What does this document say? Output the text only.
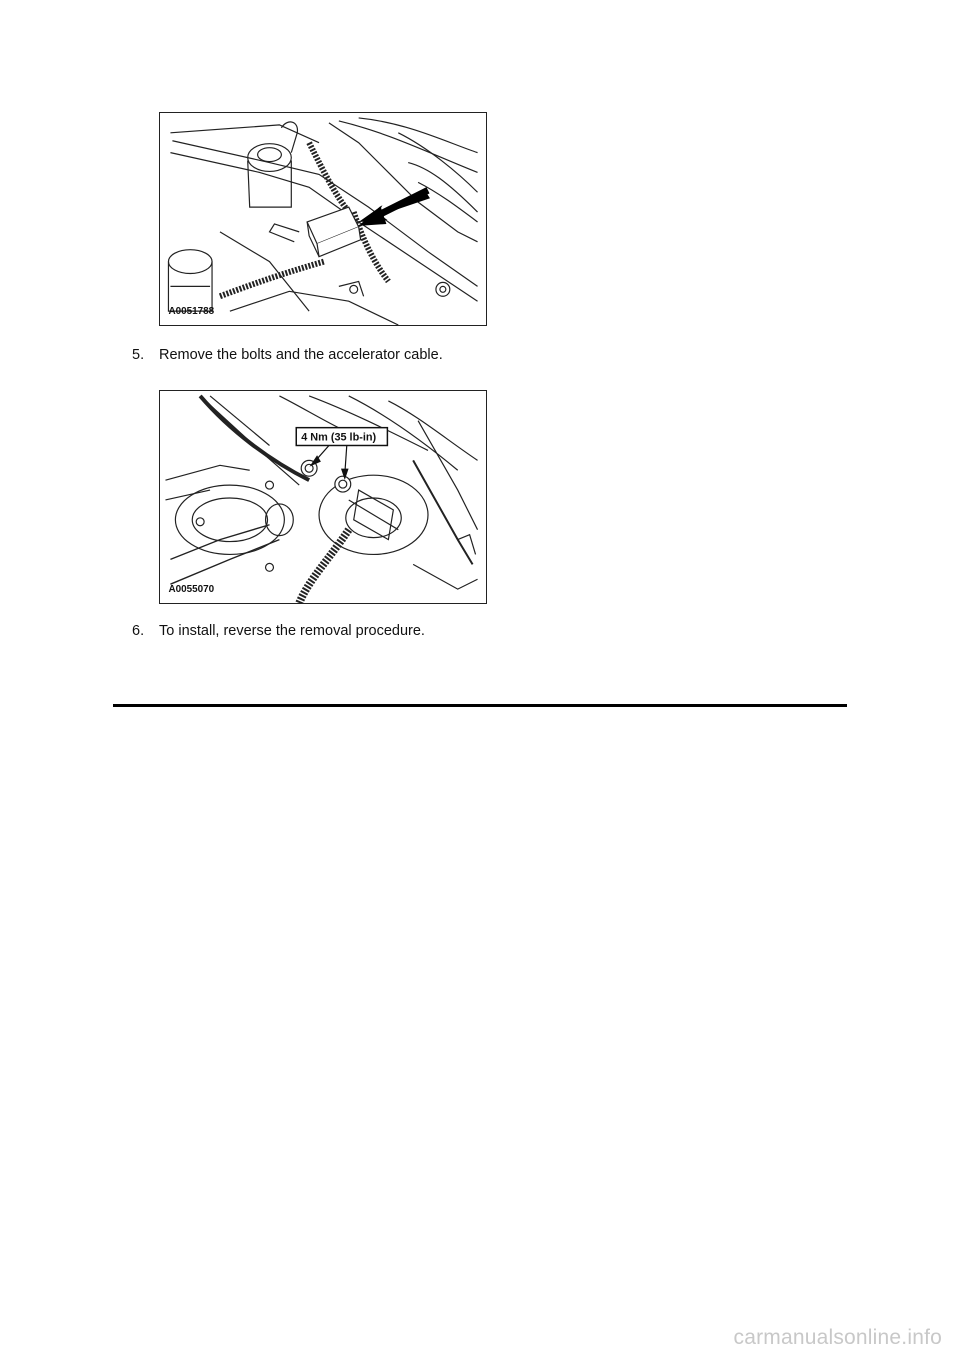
A0051788
5. Remove the bolts and the accelerator cable.
4 Nm (35 lb-in)
A0055070
6. To install, reverse the removal procedure.
carmanualsonline.info
